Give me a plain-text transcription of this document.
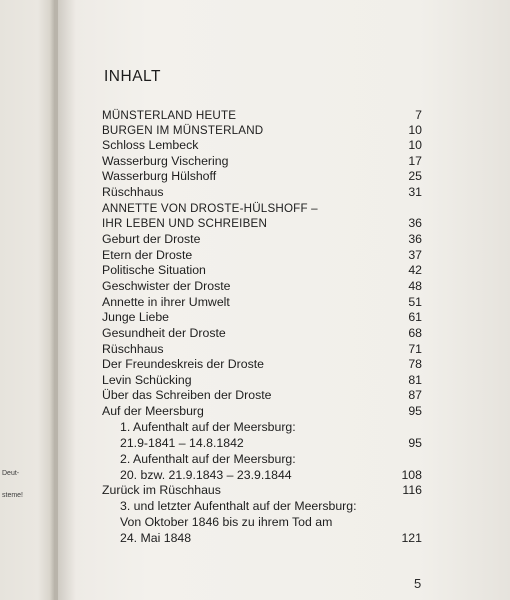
Deut-
steme!
INHALT
MÜNSTERLAND HEUTE	7
BURGEN IM MÜNSTERLAND	10
Schloss Lembeck	10
Wasserburg Vischering	17
Wasserburg Hülshoff	25
Rüschhaus	31
ANNETTE VON DROSTE-HÜLSHOFF –
IHR LEBEN UND SCHREIBEN	36
Geburt der Droste	36
Etern der Droste	37
Politische Situation	42
Geschwister der Droste	48
Annette in ihrer Umwelt	51
Junge Liebe	61
Gesundheit der Droste	68
Rüschhaus	71
Der Freundeskreis der Droste	78
Levin Schücking	81
Über das Schreiben der Droste	87
Auf der Meersburg	95
1. Aufenthalt auf der Meersburg:
21.9-1841 – 14.8.1842	95
2. Aufenthalt auf der Meersburg:
20. bzw. 21.9.1843 – 23.9.1844	108
Zurück im Rüschhaus	116
3. und letzter Aufenthalt auf der Meersburg:
Von Oktober 1846 bis zu ihrem Tod am
24. Mai 1848	121
5
